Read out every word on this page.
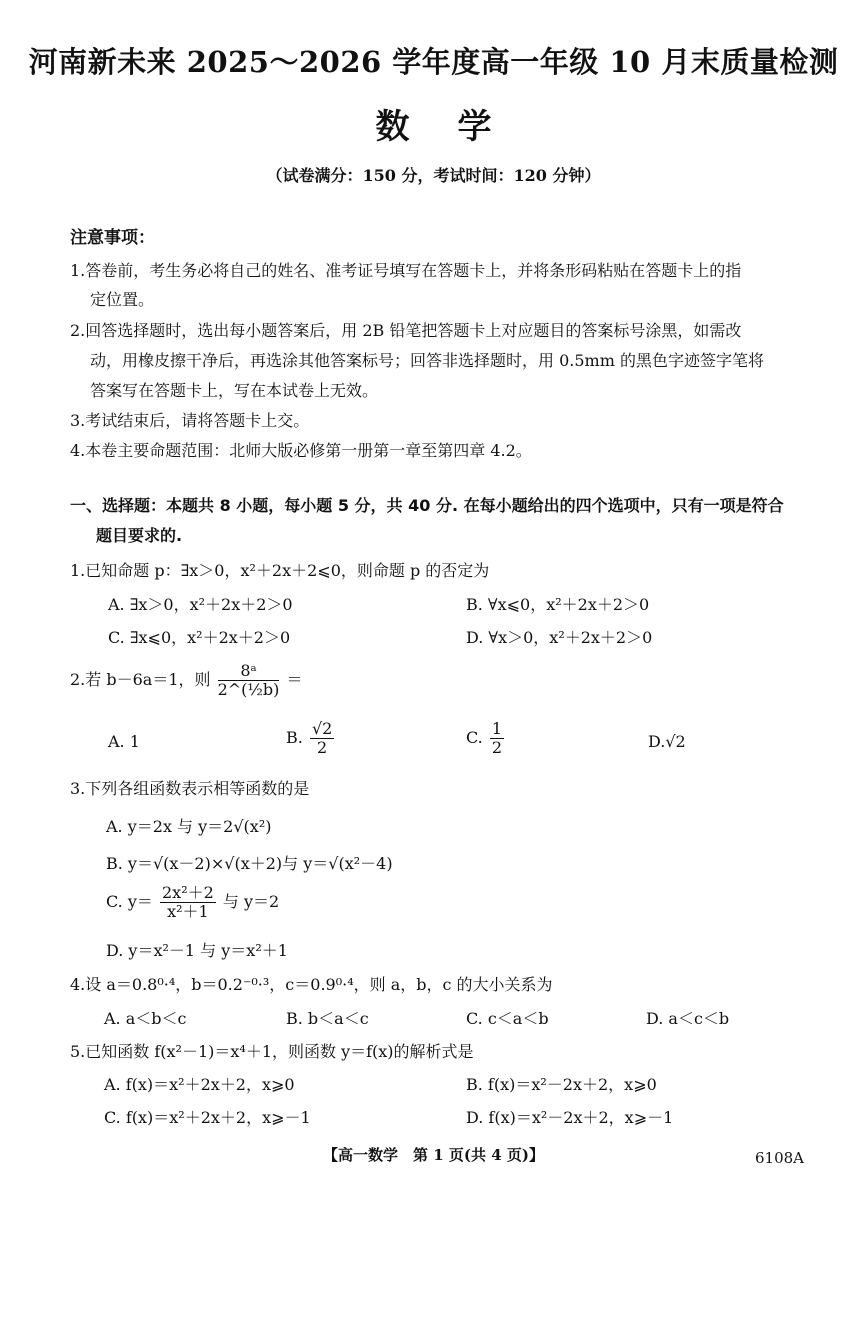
河南新未来 2025～2026 学年度高一年级 10 月末质量检测
数学
（试卷满分：150 分，考试时间：120 分钟）
注意事项：
1.答卷前，考生务必将自己的姓名、准考证号填写在答题卡上，并将条形码粘贴在答题卡上的指
定位置。
2.回答选择题时，选出每小题答案后，用 2B 铅笔把答题卡上对应题目的答案标号涂黑，如需改
动，用橡皮擦干净后，再选涂其他答案标号；回答非选择题时，用 0.5mm 的黑色字迹签字笔将
答案写在答题卡上，写在本试卷上无效。
3.考试结束后，请将答题卡上交。
4.本卷主要命题范围：北师大版必修第一册第一章至第四章 4.2。
一、选择题：本题共 8 小题，每小题 5 分，共 40 分. 在每小题给出的四个选项中，只有一项是符合
题目要求的.
1.已知命题 p：∃x＞0，x²＋2x＋2⩽0，则命题 p 的否定为
A. ∃x＞0，x²＋2x＋2＞0	B. ∀x⩽0，x²＋2x＋2＞0
C. ∃x⩽0，x²＋2x＋2＞0	D. ∀x＞0，x²＋2x＋2＞0
2.若 b－6a＝1，则 $\frac{\text{8ᵃ}}{\text{2\textasciicircum{}(½b)}}$ ＝
A. 1	B. $\frac{√2}{2}$	C. $\frac{1}{2}$	D.√2
3.下列各组函数表示相等函数的是
A. y＝2x 与 y＝2√(x²)
B. y＝√(x－2)×√(x＋2)与 y＝√(x²－4)
C. $y= \frac{\text{2x²＋2}}{\text{x²＋1}}$ 与 y＝2
D. y＝x²－1 与 y＝x²＋1
4.设 a＝0.8⁰·⁴，b＝0.2⁻⁰·³，c＝0.9⁰·⁴，则 a，b，c 的大小关系为
A. a＜b＜c	B. b＜a＜c	C. c＜a＜b	D. a＜c＜b
5.已知函数 f(x²－1)＝x⁴＋1，则函数 y＝f(x)的解析式是
A. f(x)＝x²＋2x＋2，x⩾0	B. f(x)＝x²－2x＋2，x⩾0
C. f(x)＝x²＋2x＋2，x⩾－1	D. f(x)＝x²－2x＋2，x⩾－1
【高一数学　第 1 页(共 4 页)】	6108A
